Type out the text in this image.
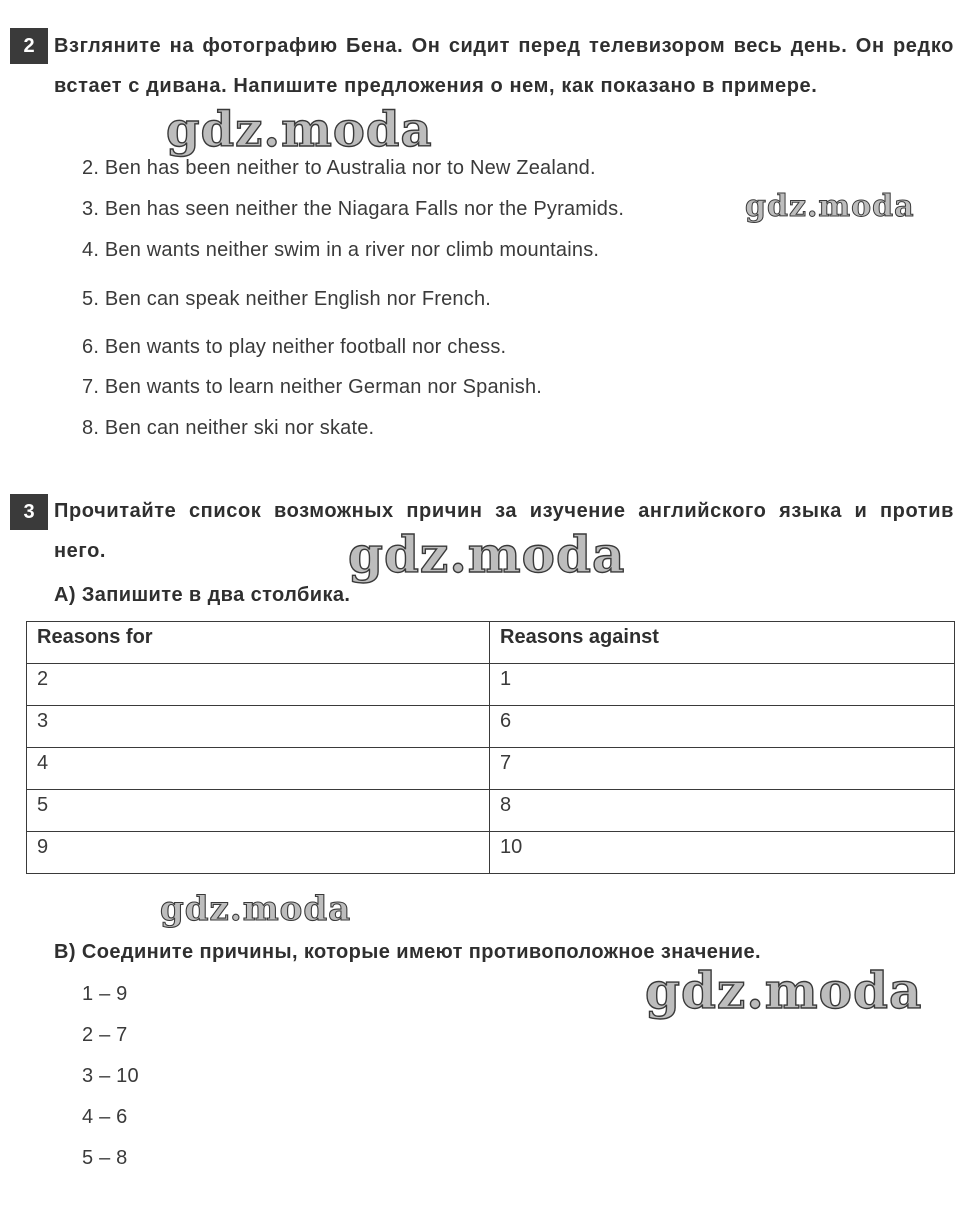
2 Взгляните на фотографию Бена. Он сидит перед телевизором весь день. Он редко встает с дивана. Напишите предложения о нем, как показано в примере.

2. Ben has been neither to Australia nor to New Zealand.
3. Ben has seen neither the Niagara Falls nor the Pyramids.
4. Ben wants neither swim in a river nor climb mountains.
5. Ben can speak neither English nor French.
6. Ben wants to play neither football nor chess.
7. Ben wants to learn neither German nor Spanish.
8. Ben can neither ski nor skate.
3 Прочитайте список возможных причин за изучение английского языка и против него.

A) Запишите в два столбика.
Reasons for	Reasons against
2	1
3	6
4	7
5	8
9	10
B) Соедините причины, которые имеют противоположное значение.
1 – 9
2 – 7
3 – 10
4 – 6
5 – 8
gdz.moda
gdz.moda
gdz.moda
gdz.moda
gdz.moda
